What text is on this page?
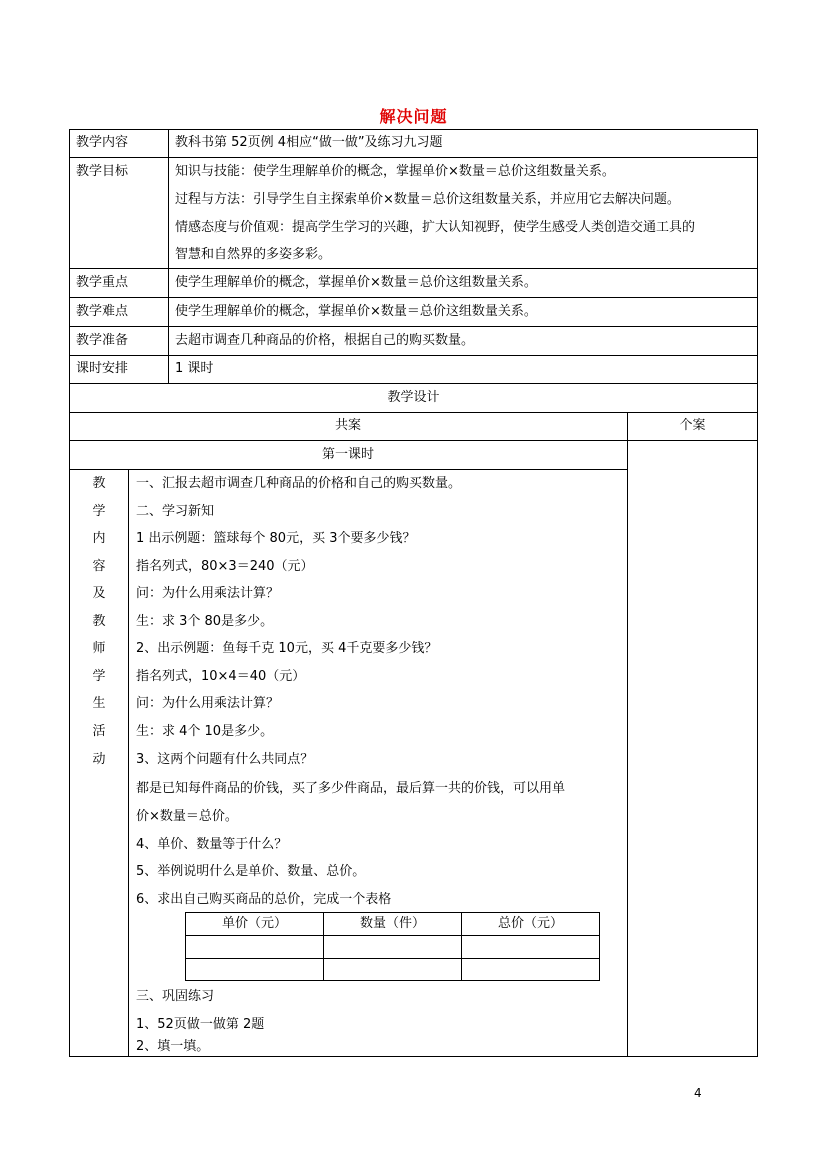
解决问题
教学内容	教科书第 52页例 4相应“做一做”及练习九习题
教学目标	知识与技能：使学生理解单价的概念，掌握单价×数量＝总价这组数量关系。
过程与方法：引导学生自主探索单价×数量＝总价这组数量关系，并应用它去解决问题。
情感态度与价值观：提高学生学习的兴趣，扩大认知视野，使学生感受人类创造交通工具的
智慧和自然界的多姿多彩。
教学重点	使学生理解单价的概念，掌握单价×数量＝总价这组数量关系。
教学难点	使学生理解单价的概念，掌握单价×数量＝总价这组数量关系。
教学准备	去超市调查几种商品的价格，根据自己的购买数量。
课时安排	1 课时
教学设计
共案	个案
第一课时
教
学
内
容
及
教
师
学
生
活
动
一、汇报去超市调查几种商品的价格和自己的购买数量。
二、学习新知
1 出示例题：篮球每个 80元，买 3个要多少钱？
指名列式，80×3＝240（元）
问：为什么用乘法计算？
生：求 3个 80是多少。
2、出示例题：鱼每千克 10元，买 4千克要多少钱？
指名列式，10×4＝40（元）
问：为什么用乘法计算？
生：求 4个 10是多少。
3、这两个问题有什么共同点？
都是已知每件商品的价钱，买了多少件商品，最后算一共的价钱，可以用单
价×数量＝总价。
4、单价、数量等于什么？
5、举例说明什么是单价、数量、总价。
6、求出自己购买商品的总价，完成一个表格
单价（元）	数量（件）	总价（元）
三、巩固练习
1、52页做一做第 2题
2、填一填。
4
